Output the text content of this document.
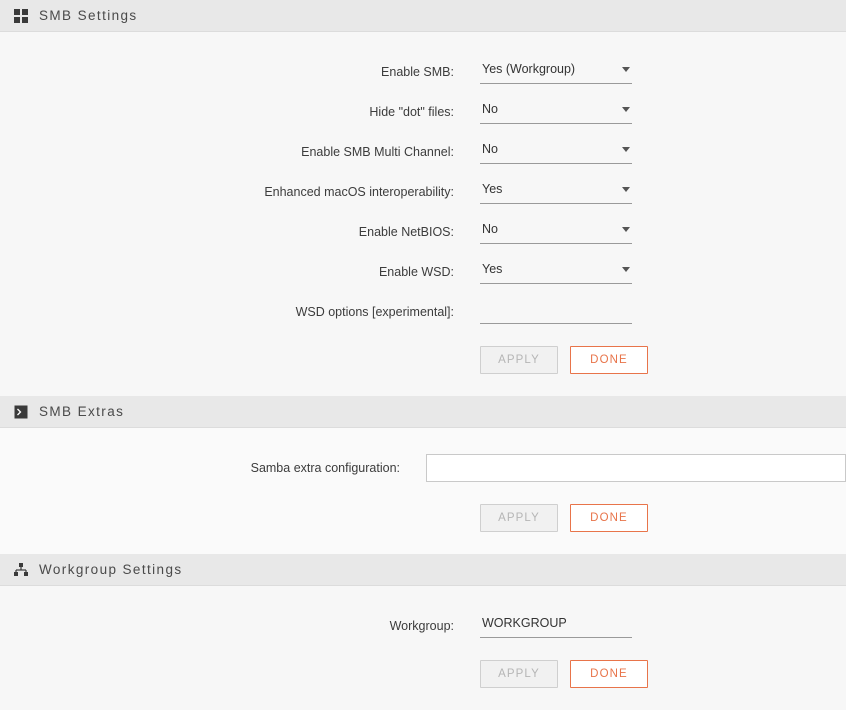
SMB Settings
Enable SMB:
Yes (Workgroup)
Hide "dot" files:
No
Enable SMB Multi Channel:
No
Enhanced macOS interoperability:
Yes
Enable NetBIOS:
No
Enable WSD:
Yes
WSD options [experimental]:
APPLY	DONE
SMB Extras
Samba extra configuration:
APPLY	DONE
Workgroup Settings
Workgroup:
WORKGROUP
APPLY	DONE
